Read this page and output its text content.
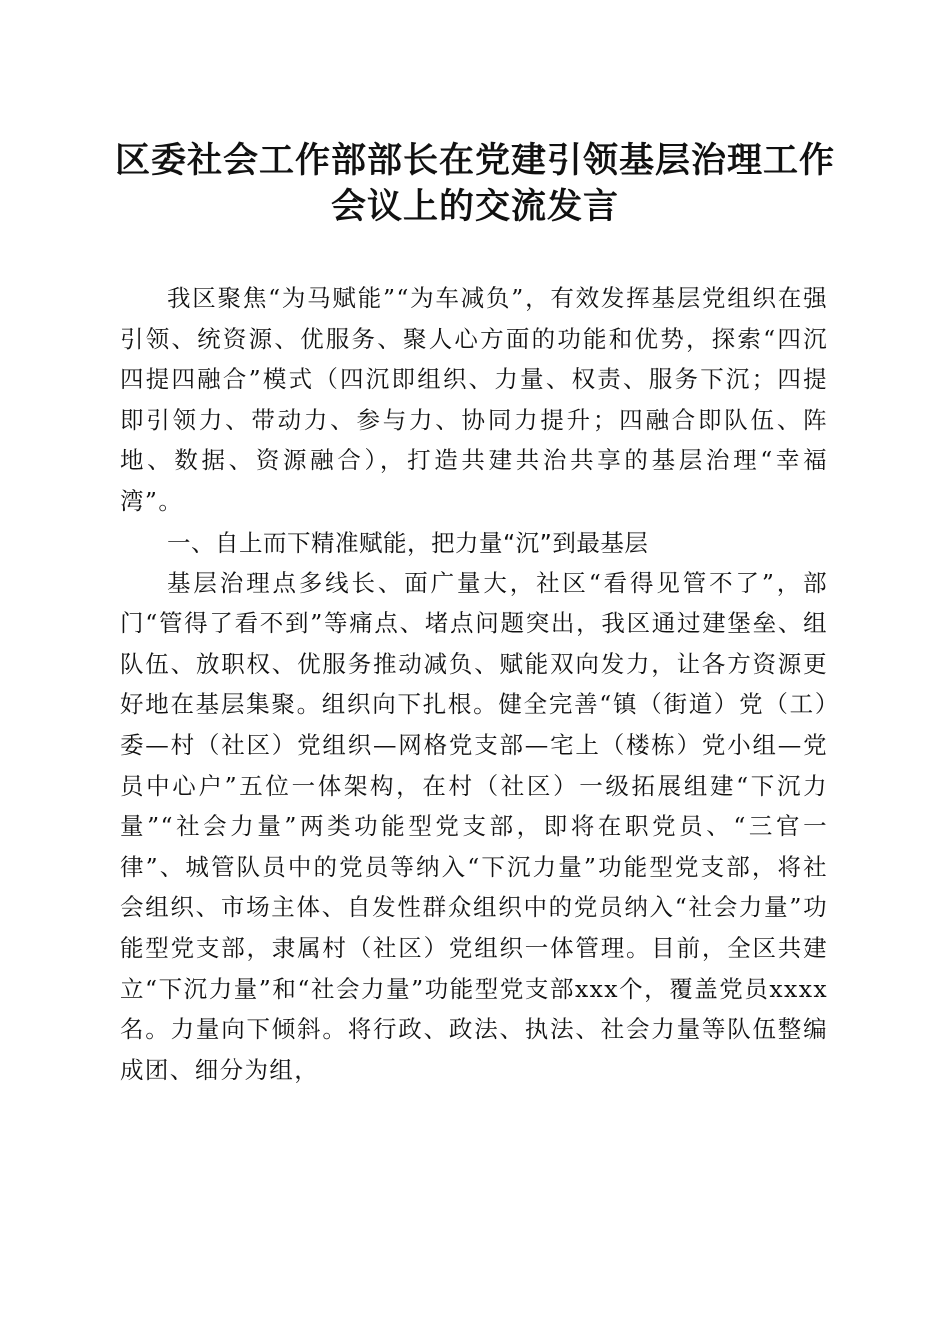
区委社会工作部部长在党建引领基层治理工作
会议上的交流发言

我区聚焦“为马赋能”“为车减负”，有效发挥基层党组织在强引领、统资源、优服务、聚人心方面的功能和优势，探索“四沉四提四融合”模式（四沉即组织、力量、权责、服务下沉；四提即引领力、带动力、参与力、协同力提升；四融合即队伍、阵地、数据、资源融合），打造共建共治共享的基层治理“幸福湾”。

一、自上而下精准赋能，把力量“沉”到最基层

基层治理点多线长、面广量大，社区“看得见管不了”，部门“管得了看不到”等痛点、堵点问题突出，我区通过建堡垒、组队伍、放职权、优服务推动减负、赋能双向发力，让各方资源更好地在基层集聚。组织向下扎根。健全完善“镇（街道）党（工）委—村（社区）党组织—网格党支部—宅上（楼栋）党小组—党员中心户”五位一体架构，在村（社区）一级拓展组建“下沉力量”“社会力量”两类功能型党支部，即将在职党员、“三官一律”、城管队员中的党员等纳入“下沉力量”功能型党支部，将社会组织、市场主体、自发性群众组织中的党员纳入“社会力量”功能型党支部，隶属村（社区）党组织一体管理。目前，全区共建立“下沉力量”和“社会力量”功能型党支部xxx个，覆盖党员xxxx名。力量向下倾斜。将行政、政法、执法、社会力量等队伍整编成团、细分为组，
